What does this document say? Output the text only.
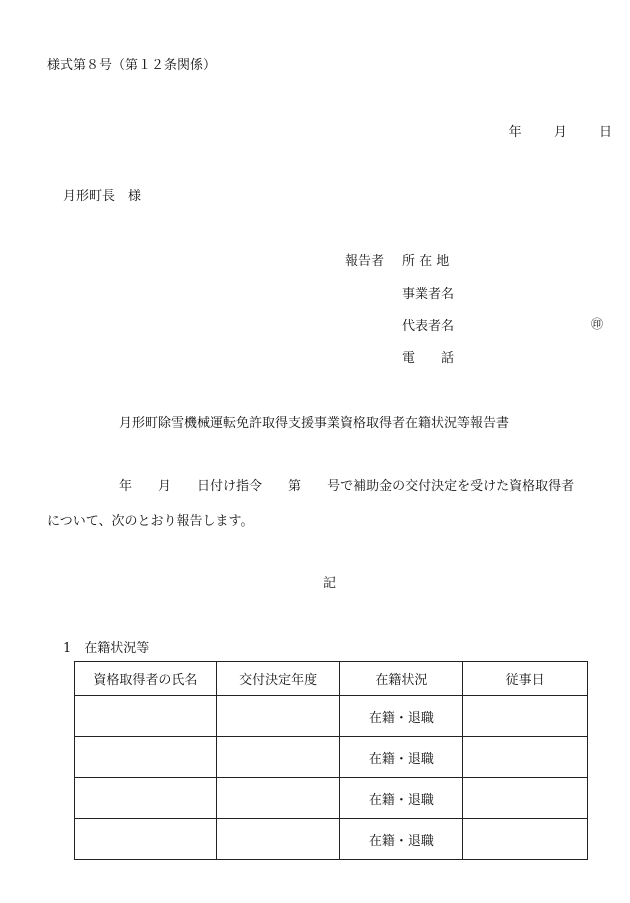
様式第８号（第１２条関係）
年 月 日
月形町長　様
報告者 所 在 地
事業者名
代表者名	㊞
電　　話
月形町除雪機械運転免許取得支援事業資格取得者在籍状況等報告書
年 月 日付け指令 第 号で補助金の交付決定を受けた資格取得者
について、次のとおり報告します。
記
1　在籍状況等
資格取得者の氏名	交付決定年度	在籍状況	従事日
		在籍・退職	
		在籍・退職	
		在籍・退職	
		在籍・退職	
